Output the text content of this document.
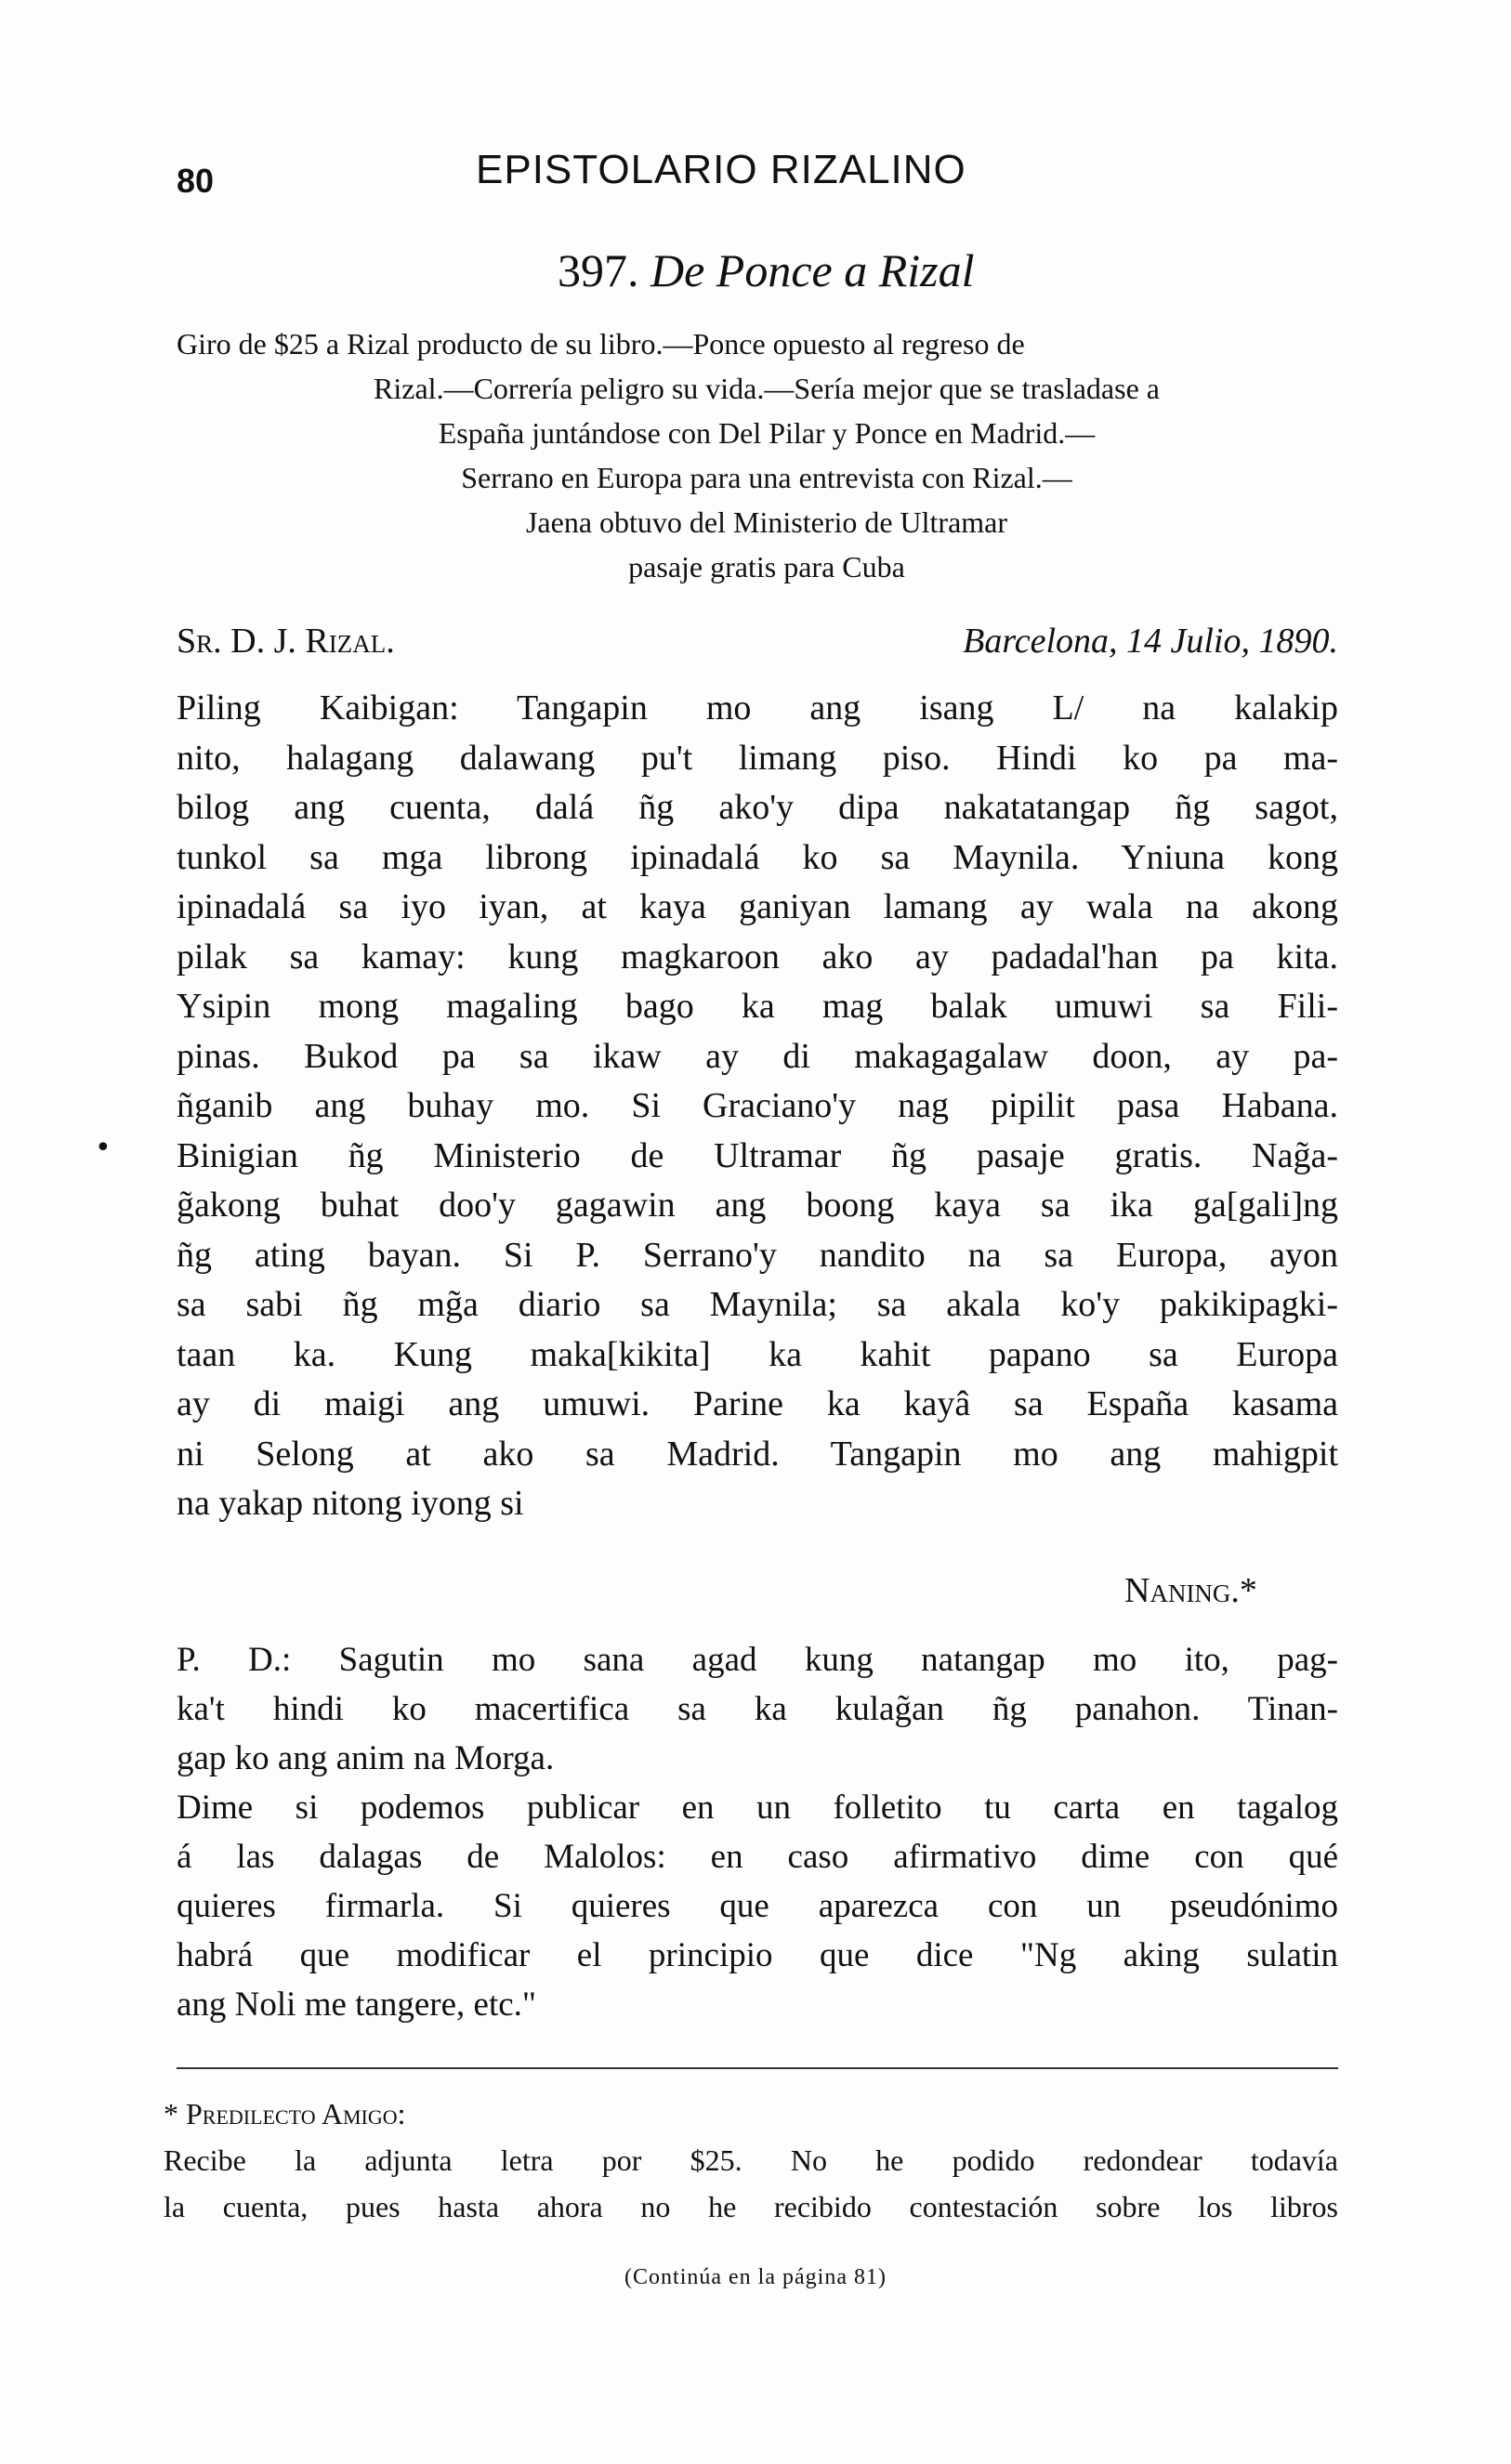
80	EPISTOLARIO RIZALINO
397. De Ponce a Rizal
Giro de $25 a Rizal producto de su libro.—Ponce opuesto al regreso de
Rizal.—Correría peligro su vida.—Sería mejor que se trasladase a
España juntándose con Del Pilar y Ponce en Madrid.—
Serrano en Europa para una entrevista con Rizal.—
Jaena obtuvo del Ministerio de Ultramar
pasaje gratis para Cuba
Sr. D. J. Rizal.	Barcelona, 14 Julio, 1890.
•
Piling Kaibigan: Tangapin mo ang isang L/ na kalakip
nito, halagang dalawang pu't limang piso. Hindi ko pa ma-
bilog ang cuenta, dalá ñg ako'y dipa nakatatangap ñg sagot,
tunkol sa mga librong ipinadalá ko sa Maynila. Yniuna kong
ipinadalá sa iyo iyan, at kaya ganiyan lamang ay wala na akong
pilak sa kamay: kung magkaroon ako ay padadal'han pa kita.
Ysipin mong magaling bago ka mag balak umuwi sa Fili-
pinas. Bukod pa sa ikaw ay di makagagalaw doon, ay pa-
ñganib ang buhay mo. Si Graciano'y nag pipilit pasa Habana.
Binigian ñg Ministerio de Ultramar ñg pasaje gratis. Nag̃a-
g̃akong buhat doo'y gagawin ang boong kaya sa ika ga[gali]ng
ñg ating bayan. Si P. Serrano'y nandito na sa Europa, ayon
sa sabi ñg mg̃a diario sa Maynila; sa akala ko'y pakikipagki-
taan ka. Kung maka[kikita] ka kahit papano sa Europa
ay di maigi ang umuwi. Parine ka kayâ sa España kasama
ni Selong at ako sa Madrid. Tangapin mo ang mahigpit
na yakap nitong iyong si
Naning.*
P. D.: Sagutin mo sana agad kung natangap mo ito, pag-
ka't hindi ko macertifica sa ka kulag̃an ñg panahon. Tinan-
gap ko ang anim na Morga.
Dime si podemos publicar en un folletito tu carta en tagalog
á las dalagas de Malolos: en caso afirmativo dime con qué
quieres firmarla. Si quieres que aparezca con un pseudónimo
habrá que modificar el principio que dice "Ng aking sulatin
ang Noli me tangere, etc."
* Predilecto Amigo:
Recibe la adjunta letra por $25. No he podido redondear todavía
la cuenta, pues hasta ahora no he recibido contestación sobre los libros
(Continúa en la página 81)
